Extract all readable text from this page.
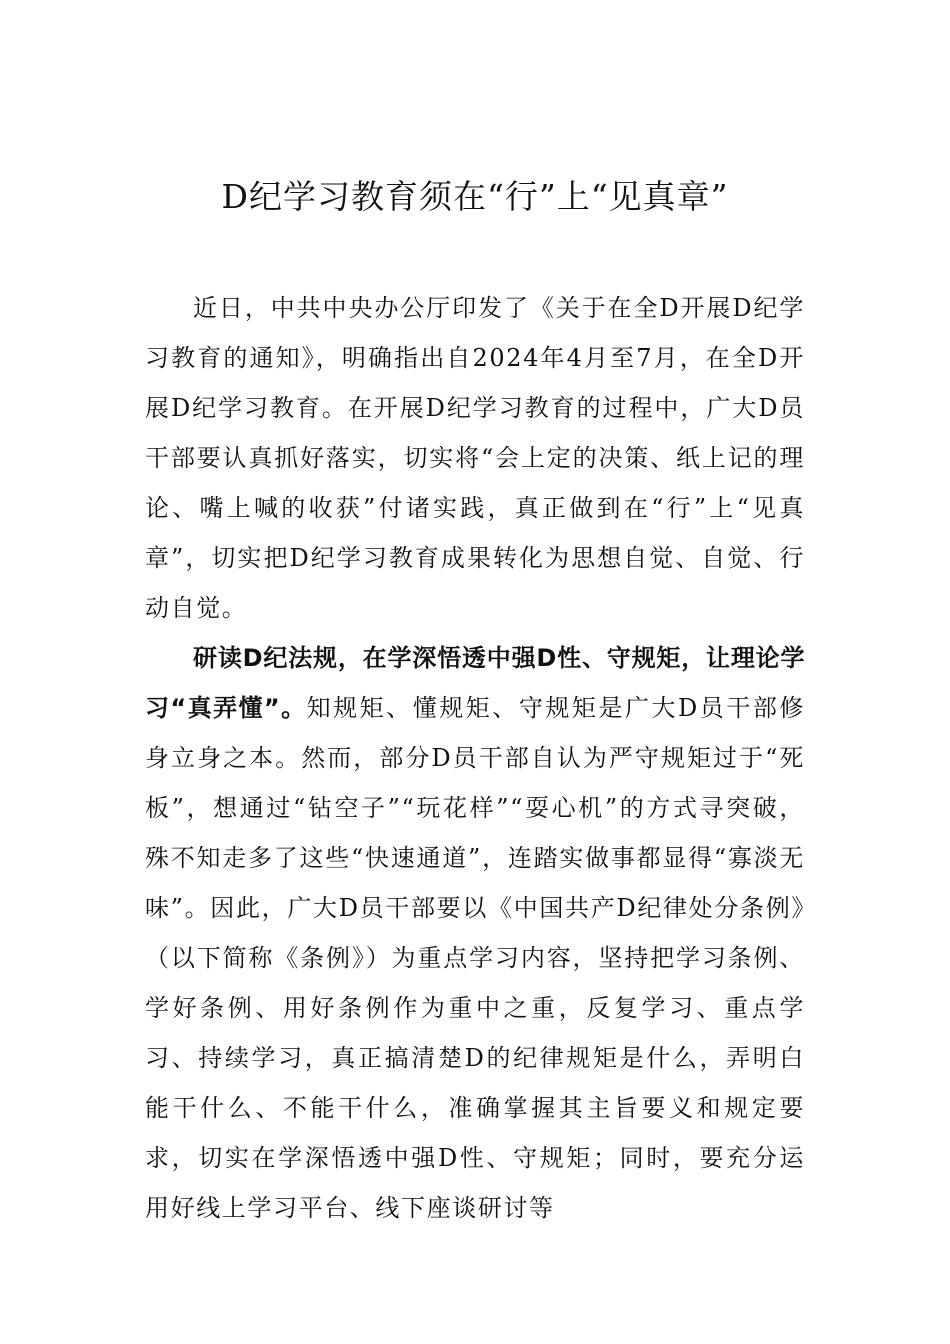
D纪学习教育须在“行”上“见真章”

近日，中共中央办公厅印发了《关于在全D开展D纪学习教育的通知》，明确指出自2024年4月至7月，在全D开展D纪学习教育。在开展D纪学习教育的过程中，广大D员干部要认真抓好落实，切实将“会上定的决策、纸上记的理论、嘴上喊的收获”付诸实践，真正做到在“行”上“见真章”，切实把D纪学习教育成果转化为思想自觉、自觉、行动自觉。

研读D纪法规，在学深悟透中强D性、守规矩，让理论学习“真弄懂”。知规矩、懂规矩、守规矩是广大D员干部修身立身之本。然而，部分D员干部自认为严守规矩过于“死板”，想通过“钻空子”“玩花样”“耍心机”的方式寻突破，殊不知走多了这些“快速通道”，连踏实做事都显得“寡淡无味”。因此，广大D员干部要以《中国共产D纪律处分条例》（以下简称《条例》）为重点学习内容，坚持把学习条例、学好条例、用好条例作为重中之重，反复学习、重点学习、持续学习，真正搞清楚D的纪律规矩是什么，弄明白能干什么、不能干什么，准确掌握其主旨要义和规定要求，切实在学深悟透中强D性、守规矩；同时，要充分运用好线上学习平台、线下座谈研讨等
